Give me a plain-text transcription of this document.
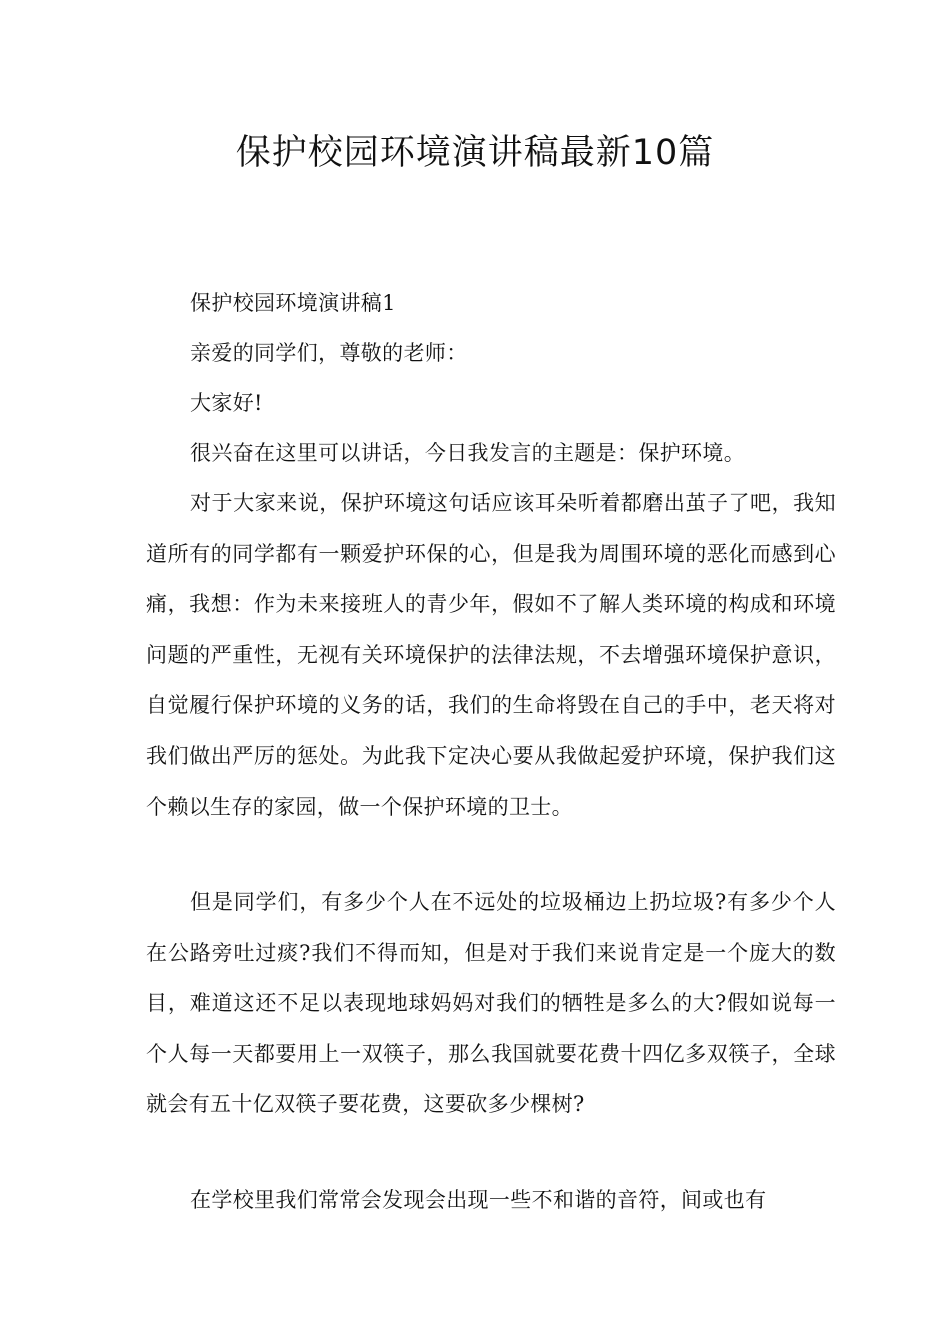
保护校园环境演讲稿最新10篇

保护校园环境演讲稿1

亲爱的同学们，尊敬的老师：

大家好!

很兴奋在这里可以讲话，今日我发言的主题是：保护环境。

对于大家来说，保护环境这句话应该耳朵听着都磨出茧子了吧，我知道所有的同学都有一颗爱护环保的心，但是我为周围环境的恶化而感到心痛，我想：作为未来接班人的青少年，假如不了解人类环境的构成和环境问题的严重性，无视有关环境保护的法律法规，不去增强环境保护意识，自觉履行保护环境的义务的话，我们的生命将毁在自己的手中，老天将对我们做出严厉的惩处。为此我下定决心要从我做起爱护环境，保护我们这个赖以生存的家园，做一个保护环境的卫士。

但是同学们，有多少个人在不远处的垃圾桶边上扔垃圾?有多少个人在公路旁吐过痰?我们不得而知，但是对于我们来说肯定是一个庞大的数目，难道这还不足以表现地球妈妈对我们的牺牲是多么的大?假如说每一个人每一天都要用上一双筷子，那么我国就要花费十四亿多双筷子，全球就会有五十亿双筷子要花费，这要砍多少棵树?

在学校里我们常常会发现会出现一些不和谐的音符，间或也有
